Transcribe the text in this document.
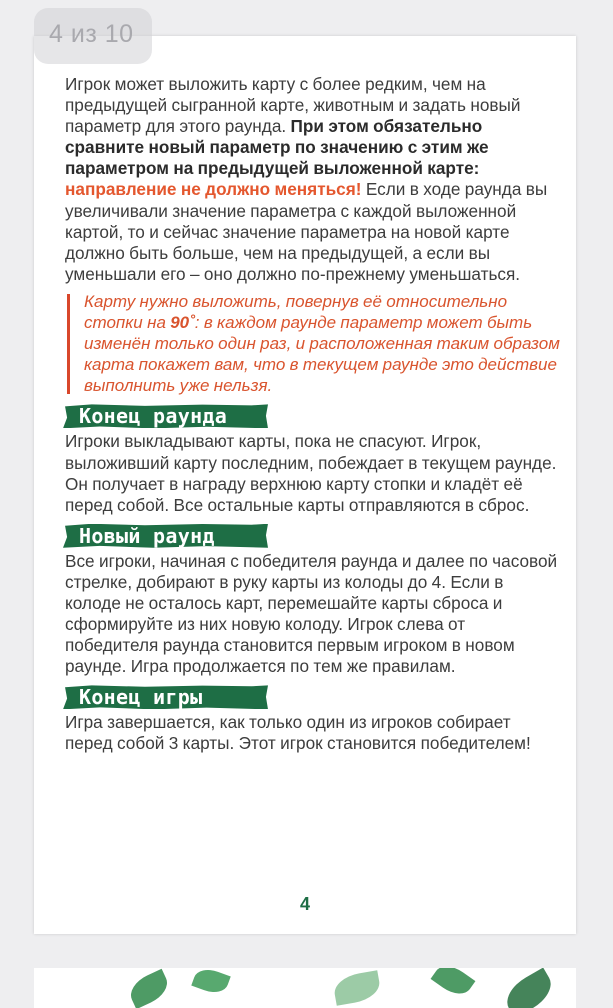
Игрок может выложить карту с более редким, чем на предыдущей сыгранной карте, животным и задать новый параметр для этого раунда. При этом обязательно сравните новый параметр по значению с этим же параметром на предыдущей выложенной карте: направление не должно меняться! Если в ходе раунда вы увеличивали значение параметра с каждой выложенной картой, то и сейчас значение параметра на новой карте должно быть больше, чем на предыдущей, а если вы уменьшали его – оно должно по-прежнему уменьшаться.

Карту нужно выложить, повернув её относительно стопки на 90˚: в каждом раунде параметр может быть изменён только один раз, и расположенная таким образом карта покажет вам, что в текущем раунде это действие выполнить уже нельзя.

Конец раунда

Игроки выкладывают карты, пока не спасуют. Игрок, выложивший карту последним, побеждает в текущем раунде. Он получает в награду верхнюю карту стопки и кладёт её перед собой. Все остальные карты отправляются в сброс.

Новый раунд

Все игроки, начиная с победителя раунда и далее по часовой стрелке, добирают в руку карты из колоды до 4. Если в колоде не осталось карт, перемешайте карты сброса и сформируйте из них новую колоду. Игрок слева от победителя раунда становится первым игроком в новом раунде. Игра продолжается по тем же правилам.

Конец игры

Игра завершается, как только один из игроков собирает перед собой 3 карты. Этот игрок становится победителем!

4
4 из 10
